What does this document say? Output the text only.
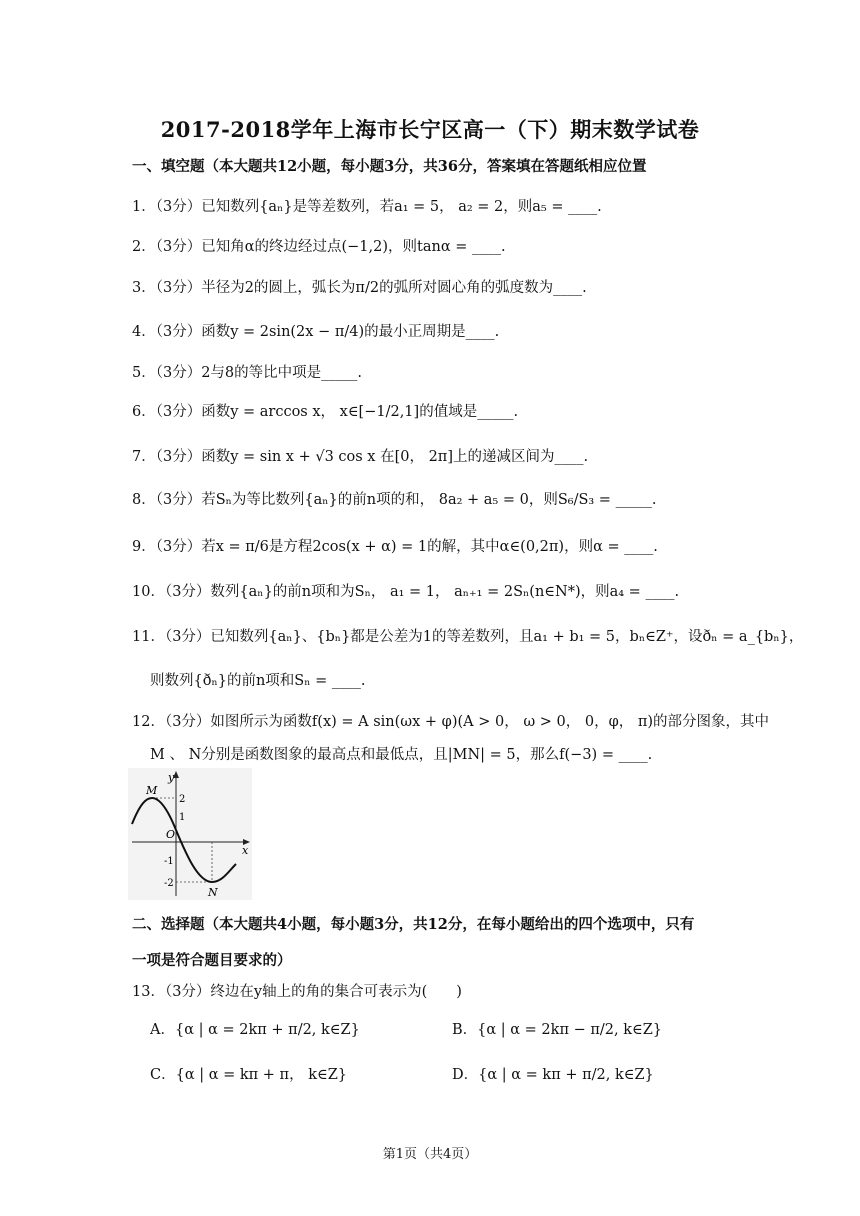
2017-2018学年上海市长宁区高一（下）期末数学试卷
一、填空题（本大题共12小题，每小题3分，共36分，答案填在答题纸相应位置
1．（3分）已知数列{aₙ}是等差数列，若a₁ = 5， a₂ = 2，则a₅ = ____.
2．（3分）已知角α的终边经过点(−1,2)，则tanα = ____.
3．（3分）半径为2的圆上，弧长为π/2的弧所对圆心角的弧度数为____.
4．（3分）函数y = 2sin(2x − π/4)的最小正周期是____.
5．（3分）2与8的等比中项是_____.
6．（3分）函数y = arccos x， x∈[−1/2,1]的值域是_____.
7．（3分）函数y = sin x + √3 cos x 在[0， 2π]上的递减区间为____.
8．（3分）若Sₙ为等比数列{aₙ}的前n项的和， 8a₂ + a₅ = 0，则S₆/S₃ = _____.
9．（3分）若x = π/6是方程2cos(x + α) = 1的解，其中α∈(0,2π)，则α = ____.
10．（3分）数列{aₙ}的前n项和为Sₙ， a₁ = 1， aₙ₊₁ = 2Sₙ(n∈N*)，则a₄ = ____.
11．（3分）已知数列{aₙ}、{bₙ}都是公差为1的等差数列，且a₁ + b₁ = 5，bₙ∈Z⁺，设ðₙ = a_{bₙ}，
则数列{ðₙ}的前n项和Sₙ = ____.
12．（3分）如图所示为函数f(x) = A sin(ωx + φ)(A > 0， ω > 0， 0，φ， π)的部分图象，其中
M 、 N分别是函数图象的最高点和最低点，且|MN| = 5，那么f(−3) = ____.
y
x
M
N
O
2
1
-1
-2
二、选择题（本大题共4小题，每小题3分，共12分，在每小题给出的四个选项中，只有
一项是符合题目要求的）
13．（3分）终边在y轴上的角的集合可表示为(　　)
A．{α | α = 2kπ + π/2, k∈Z}	B．{α | α = 2kπ − π/2, k∈Z}
C．{α | α = kπ + π， k∈Z}	D．{α | α = kπ + π/2, k∈Z}
第1页（共4页）
